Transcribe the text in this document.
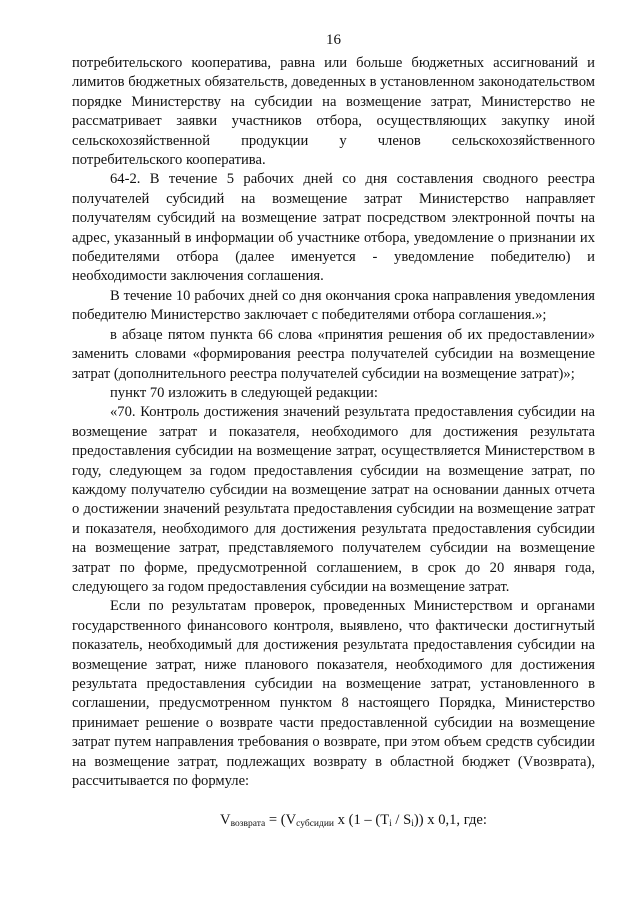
16

потребительского кооператива, равна или больше бюджетных ассигнований и лимитов бюджетных обязательств, доведенных в установленном законодательством порядке Министерству на субсидии на возмещение затрат, Министерство не рассматривает заявки участников отбора, осуществляющих закупку иной сельскохозяйственной продукции у членов сельскохозяйственного потребительского кооператива.

64-2. В течение 5 рабочих дней со дня составления сводного реестра получателей субсидий на возмещение затрат Министерство направляет получателям субсидий на возмещение затрат посредством электронной почты на адрес, указанный в информации об участнике отбора, уведомление о признании их победителями отбора (далее именуется - уведомление победителю) и необходимости заключения соглашения.

В течение 10 рабочих дней со дня окончания срока направления уведомления победителю Министерство заключает с победителями отбора соглашения.»;

в абзаце пятом пункта 66 слова «принятия решения об их предоставлении» заменить словами «формирования реестра получателей субсидии на возмещение затрат (дополнительного реестра получателей субсидии на возмещение затрат)»;

пункт 70 изложить в следующей редакции:

«70. Контроль достижения значений результата предоставления субсидии на возмещение затрат и показателя, необходимого для достижения результата предоставления субсидии на возмещение затрат, осуществляется Министерством в году, следующем за годом предоставления субсидии на возмещение затрат, по каждому получателю субсидии на возмещение затрат на основании данных отчета о достижении значений результата предоставления субсидии на возмещение затрат и показателя, необходимого для достижения результата предоставления субсидии на возмещение затрат, представляемого получателем субсидии на возмещение затрат по форме, предусмотренной соглашением, в срок до 20 января года, следующего за годом предоставления субсидии на возмещение затрат.

Если по результатам проверок, проведенных Министерством и органами государственного финансового контроля, выявлено, что фактически достигнутый показатель, необходимый для достижения результата предоставления субсидии на возмещение затрат, ниже планового показателя, необходимого для достижения результата предоставления субсидии на возмещение затрат, установленного в соглашении, предусмотренном пунктом 8 настоящего Порядка, Министерство принимает решение о возврате части предоставленной субсидии на возмещение затрат путем направления требования о возврате, при этом объем средств субсидии на возмещение затрат, подлежащих возврату в областной бюджет (Vвозврата), рассчитывается по формуле:

$V_{возврата} = (V_{субсидии}$ x $(1 - (T_i / S_i))$ x 0,1, где:
